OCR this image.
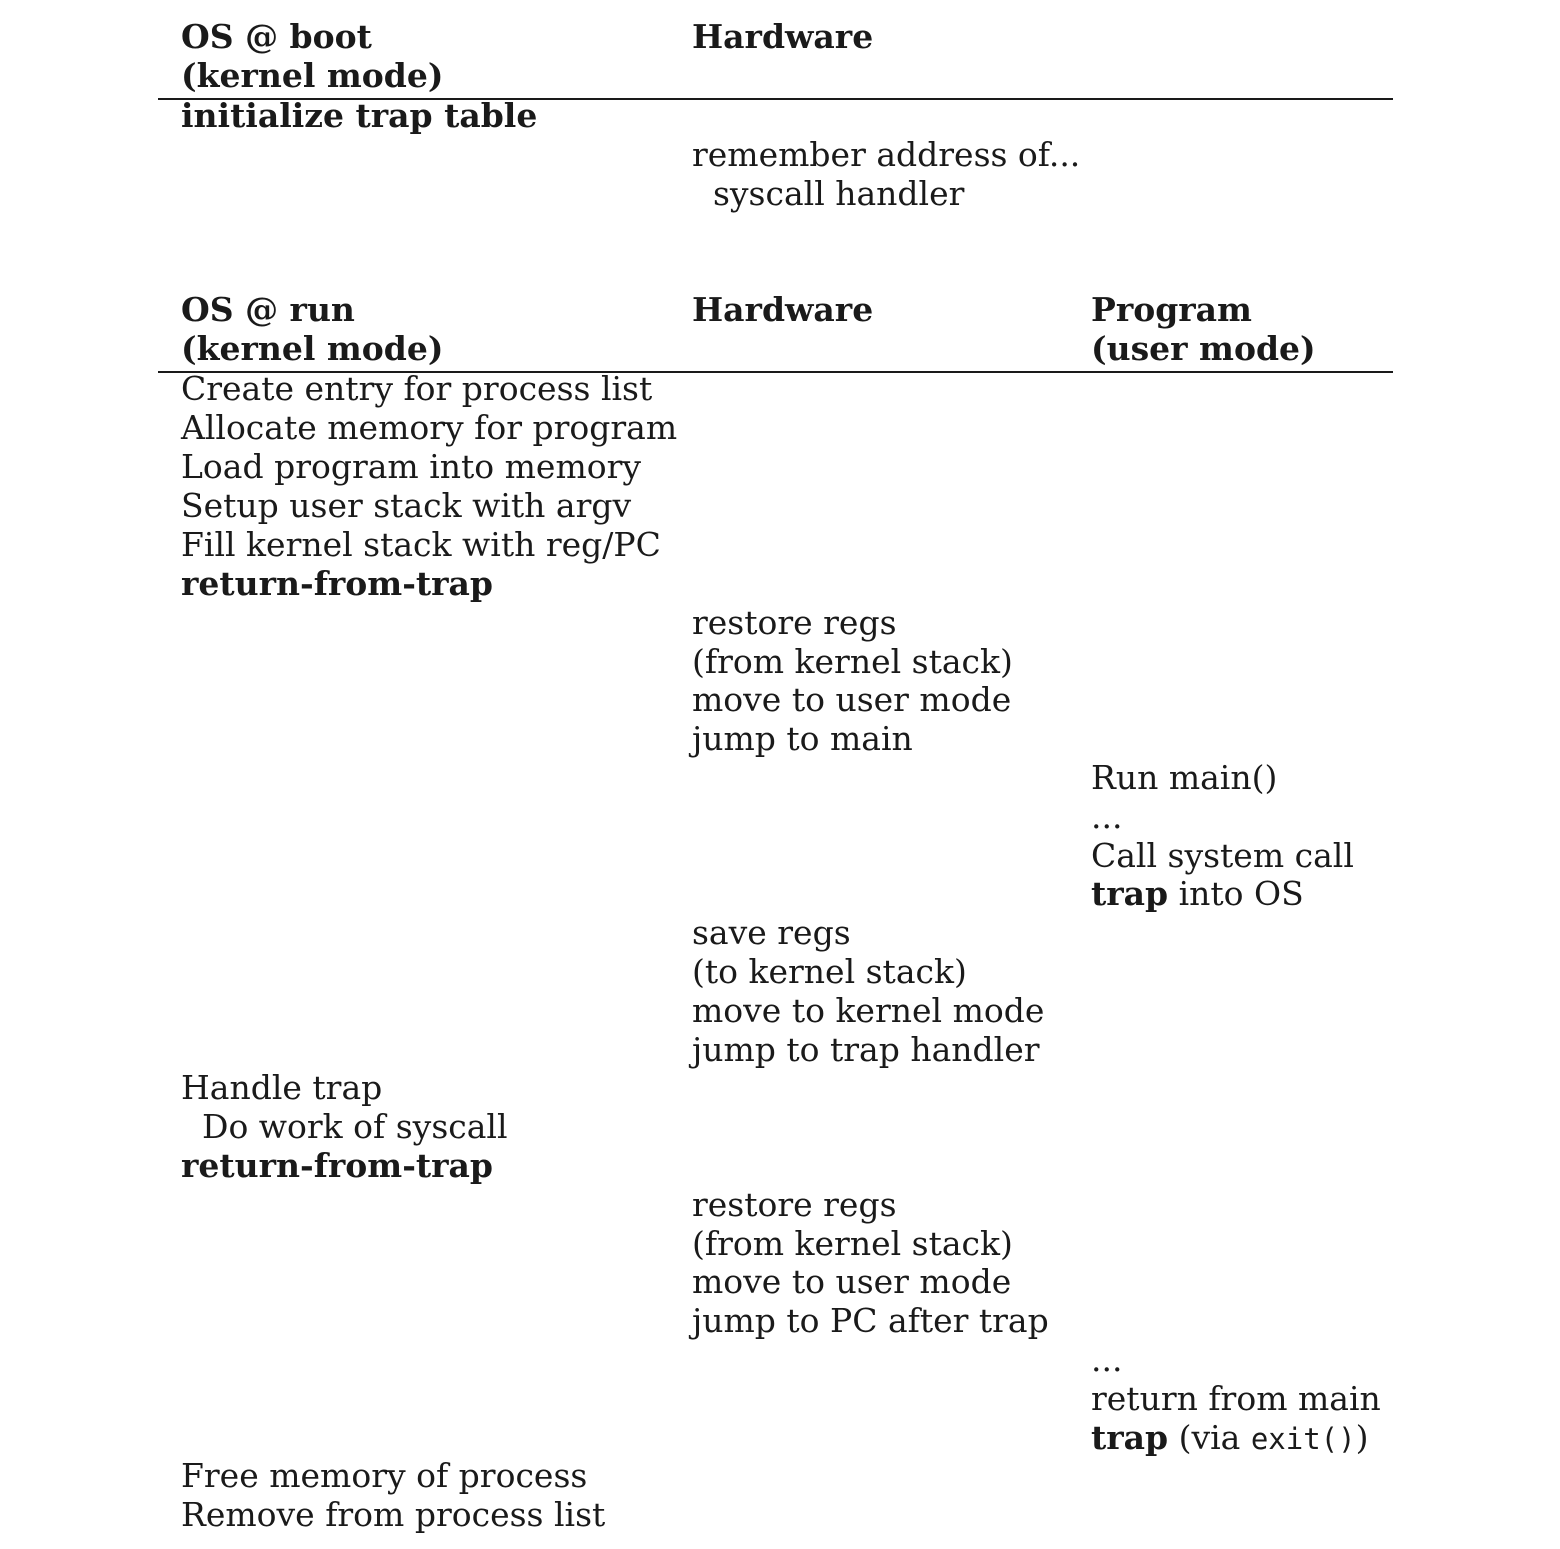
OS @ boot
(kernel mode)
Hardware
initialize trap table
remember address of...
syscall handler
OS @ run
(kernel mode)
Hardware	Program
(user mode)
Create entry for process list
Allocate memory for program
Load program into memory
Setup user stack with argv
Fill kernel stack with reg/PC
return-from-trap
restore regs
(from kernel stack)
move to user mode
jump to main
Run main()
...
Call system call
trap into OS
save regs
(to kernel stack)
move to kernel mode
jump to trap handler
Handle trap
Do work of syscall
return-from-trap
restore regs
(from kernel stack)
move to user mode
jump to PC after trap
...
return from main
trap (via exit())
Free memory of process
Remove from process list
